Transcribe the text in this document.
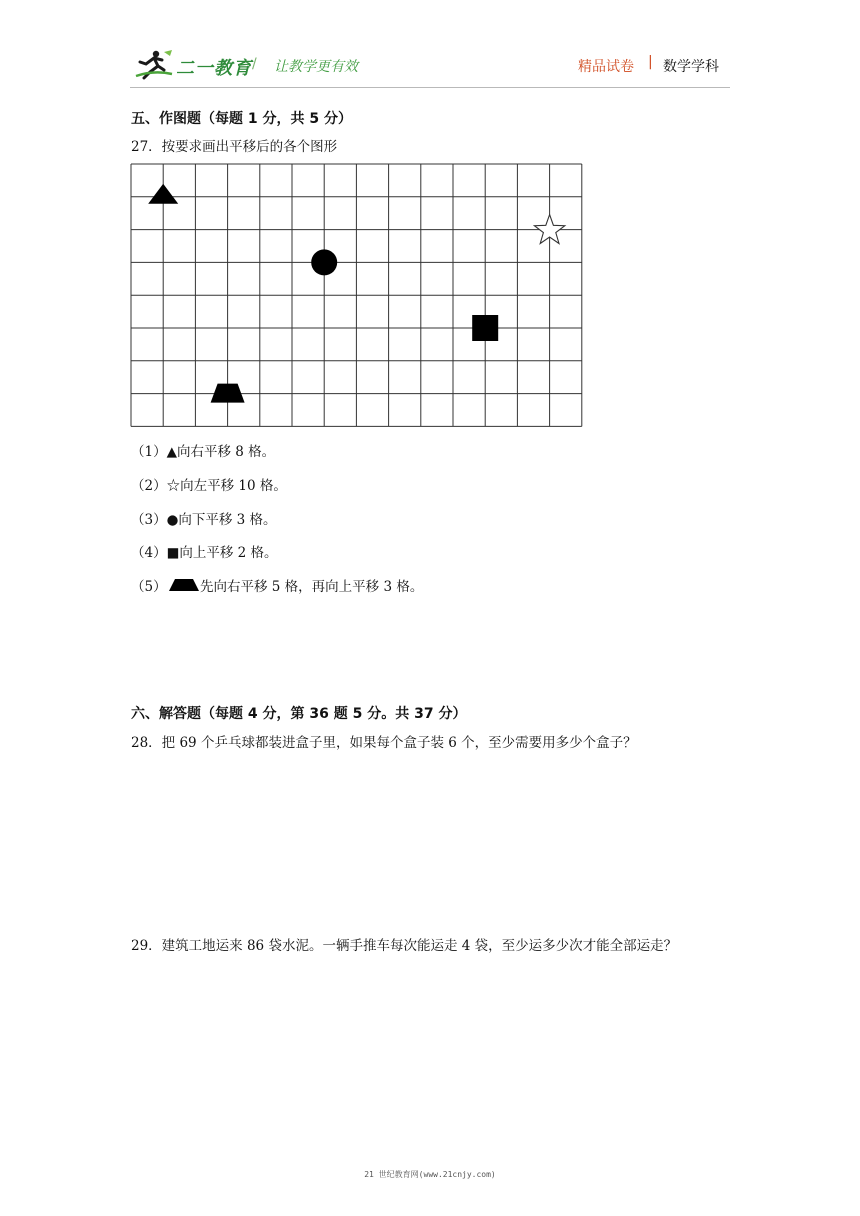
二一教育 / 让教学更有效	精品试卷 | 数学学科
五、作图题（每题 1 分，共 5 分）
27．按要求画出平移后的各个图形
（1）▲向右平移 8 格。
（2）☆向左平移 10 格。
（3）●向下平移 3 格。
（4）■向上平移 2 格。
（5） 先向右平移 5 格，再向上平移 3 格。
六、解答题（每题 4 分，第 36 题 5 分。共 37 分）
28．把 69 个乒乓球都装进盒子里，如果每个盒子装 6 个，至少需要用多少个盒子？
29．建筑工地运来 86 袋水泥。一辆手推车每次能运走 4 袋，至少运多少次才能全部运走？
21 世纪教育网(www.21cnjy.com)
